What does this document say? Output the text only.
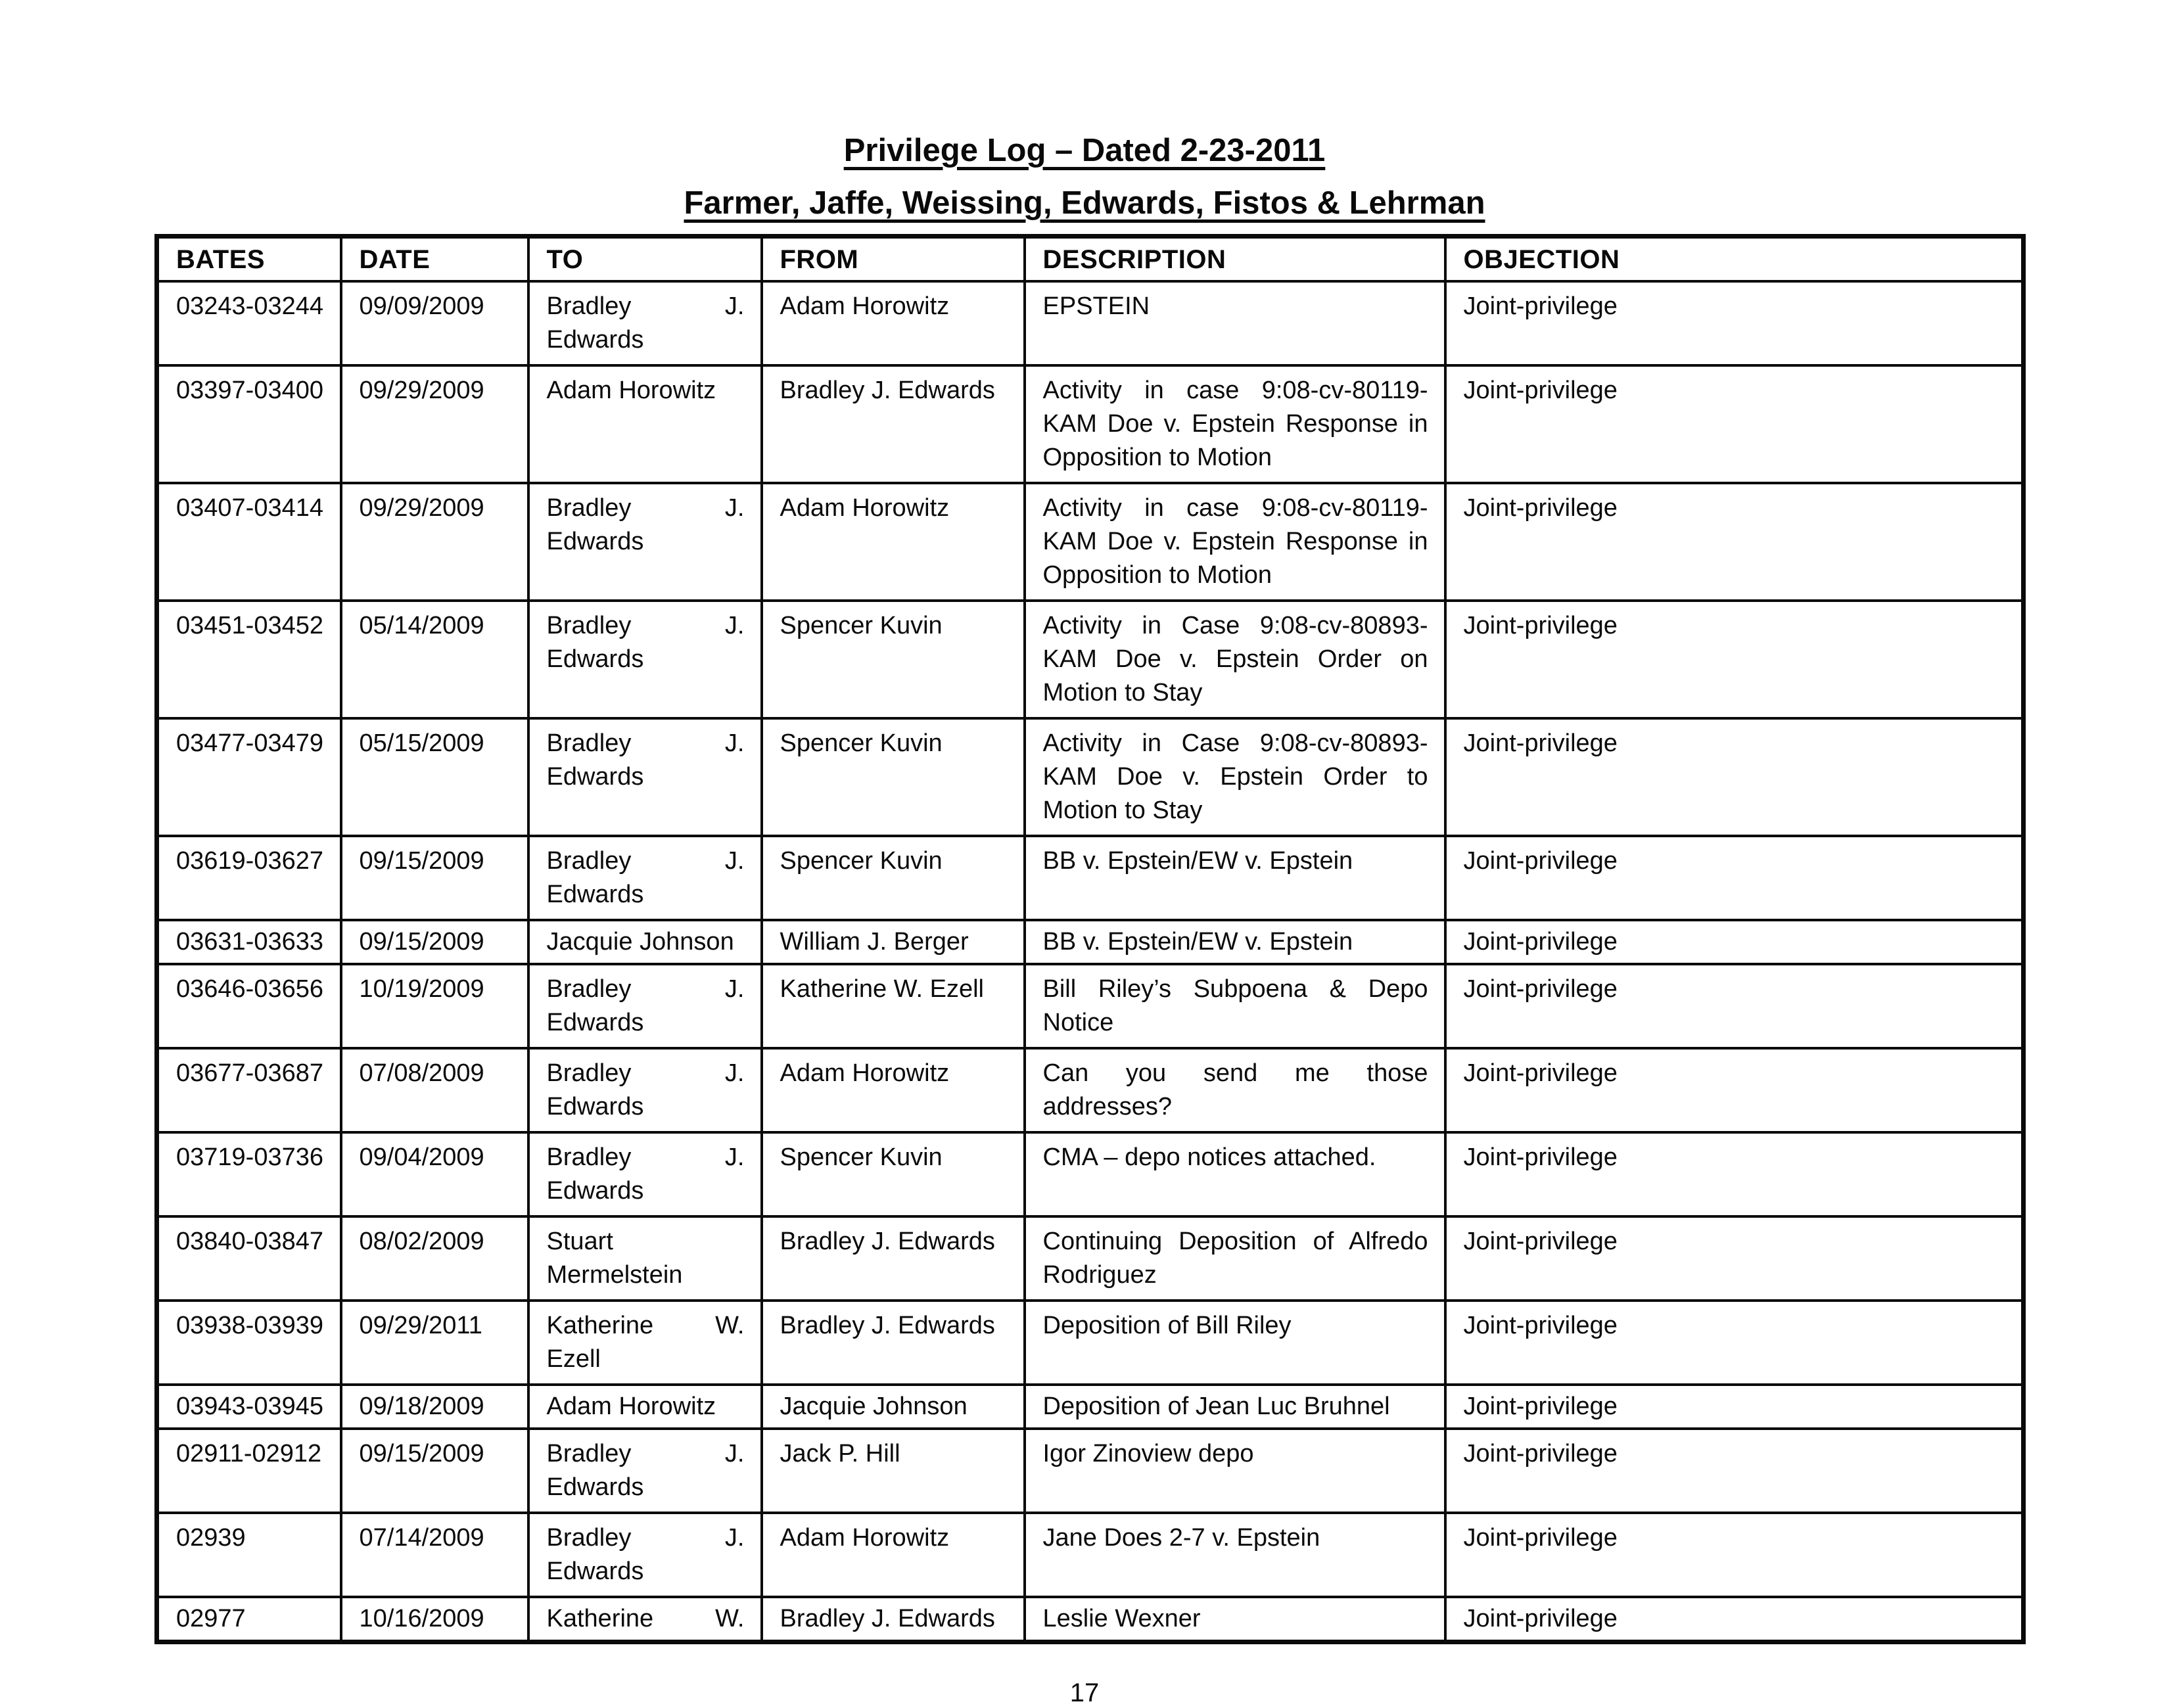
Privilege Log – Dated 2-23-2011
Farmer, Jaffe, Weissing, Edwards, Fistos & Lehrman
BATES	DATE	TO	FROM	DESCRIPTION	OBJECTION
03243-03244	09/09/2009	Bradley J. Edwards	Adam Horowitz	EPSTEIN	Joint-privilege
03397-03400	09/29/2009	Adam Horowitz	Bradley J. Edwards	Activity in case 9:08-cv-80119-KAM Doe v. Epstein Response in Opposition to Motion	Joint-privilege
03407-03414	09/29/2009	Bradley J. Edwards	Adam Horowitz	Activity in case 9:08-cv-80119-KAM Doe v. Epstein Response in Opposition to Motion	Joint-privilege
03451-03452	05/14/2009	Bradley J. Edwards	Spencer Kuvin	Activity in Case 9:08-cv-80893-KAM Doe v. Epstein Order on Motion to Stay	Joint-privilege
03477-03479	05/15/2009	Bradley J. Edwards	Spencer Kuvin	Activity in Case 9:08-cv-80893-KAM Doe v. Epstein Order to Motion to Stay	Joint-privilege
03619-03627	09/15/2009	Bradley J. Edwards	Spencer Kuvin	BB v. Epstein/EW v. Epstein	Joint-privilege
03631-03633	09/15/2009	Jacquie Johnson	William J. Berger	BB v. Epstein/EW v. Epstein	Joint-privilege
03646-03656	10/19/2009	Bradley J. Edwards	Katherine W. Ezell	Bill Riley’s Subpoena & Depo Notice	Joint-privilege
03677-03687	07/08/2009	Bradley J. Edwards	Adam Horowitz	Can you send me those addresses?	Joint-privilege
03719-03736	09/04/2009	Bradley J. Edwards	Spencer Kuvin	CMA – depo notices attached.	Joint-privilege
03840-03847	08/02/2009	Stuart Mermelstein	Bradley J. Edwards	Continuing Deposition of Alfredo Rodriguez	Joint-privilege
03938-03939	09/29/2011	Katherine W. Ezell	Bradley J. Edwards	Deposition of Bill Riley	Joint-privilege
03943-03945	09/18/2009	Adam Horowitz	Jacquie Johnson	Deposition of Jean Luc Bruhnel	Joint-privilege
02911-02912	09/15/2009	Bradley J. Edwards	Jack P. Hill	Igor Zinoview depo	Joint-privilege
02939	07/14/2009	Bradley J. Edwards	Adam Horowitz	Jane Does 2-7 v. Epstein	Joint-privilege
02977	10/16/2009	Katherine W.	Bradley J. Edwards	Leslie Wexner	Joint-privilege
17
